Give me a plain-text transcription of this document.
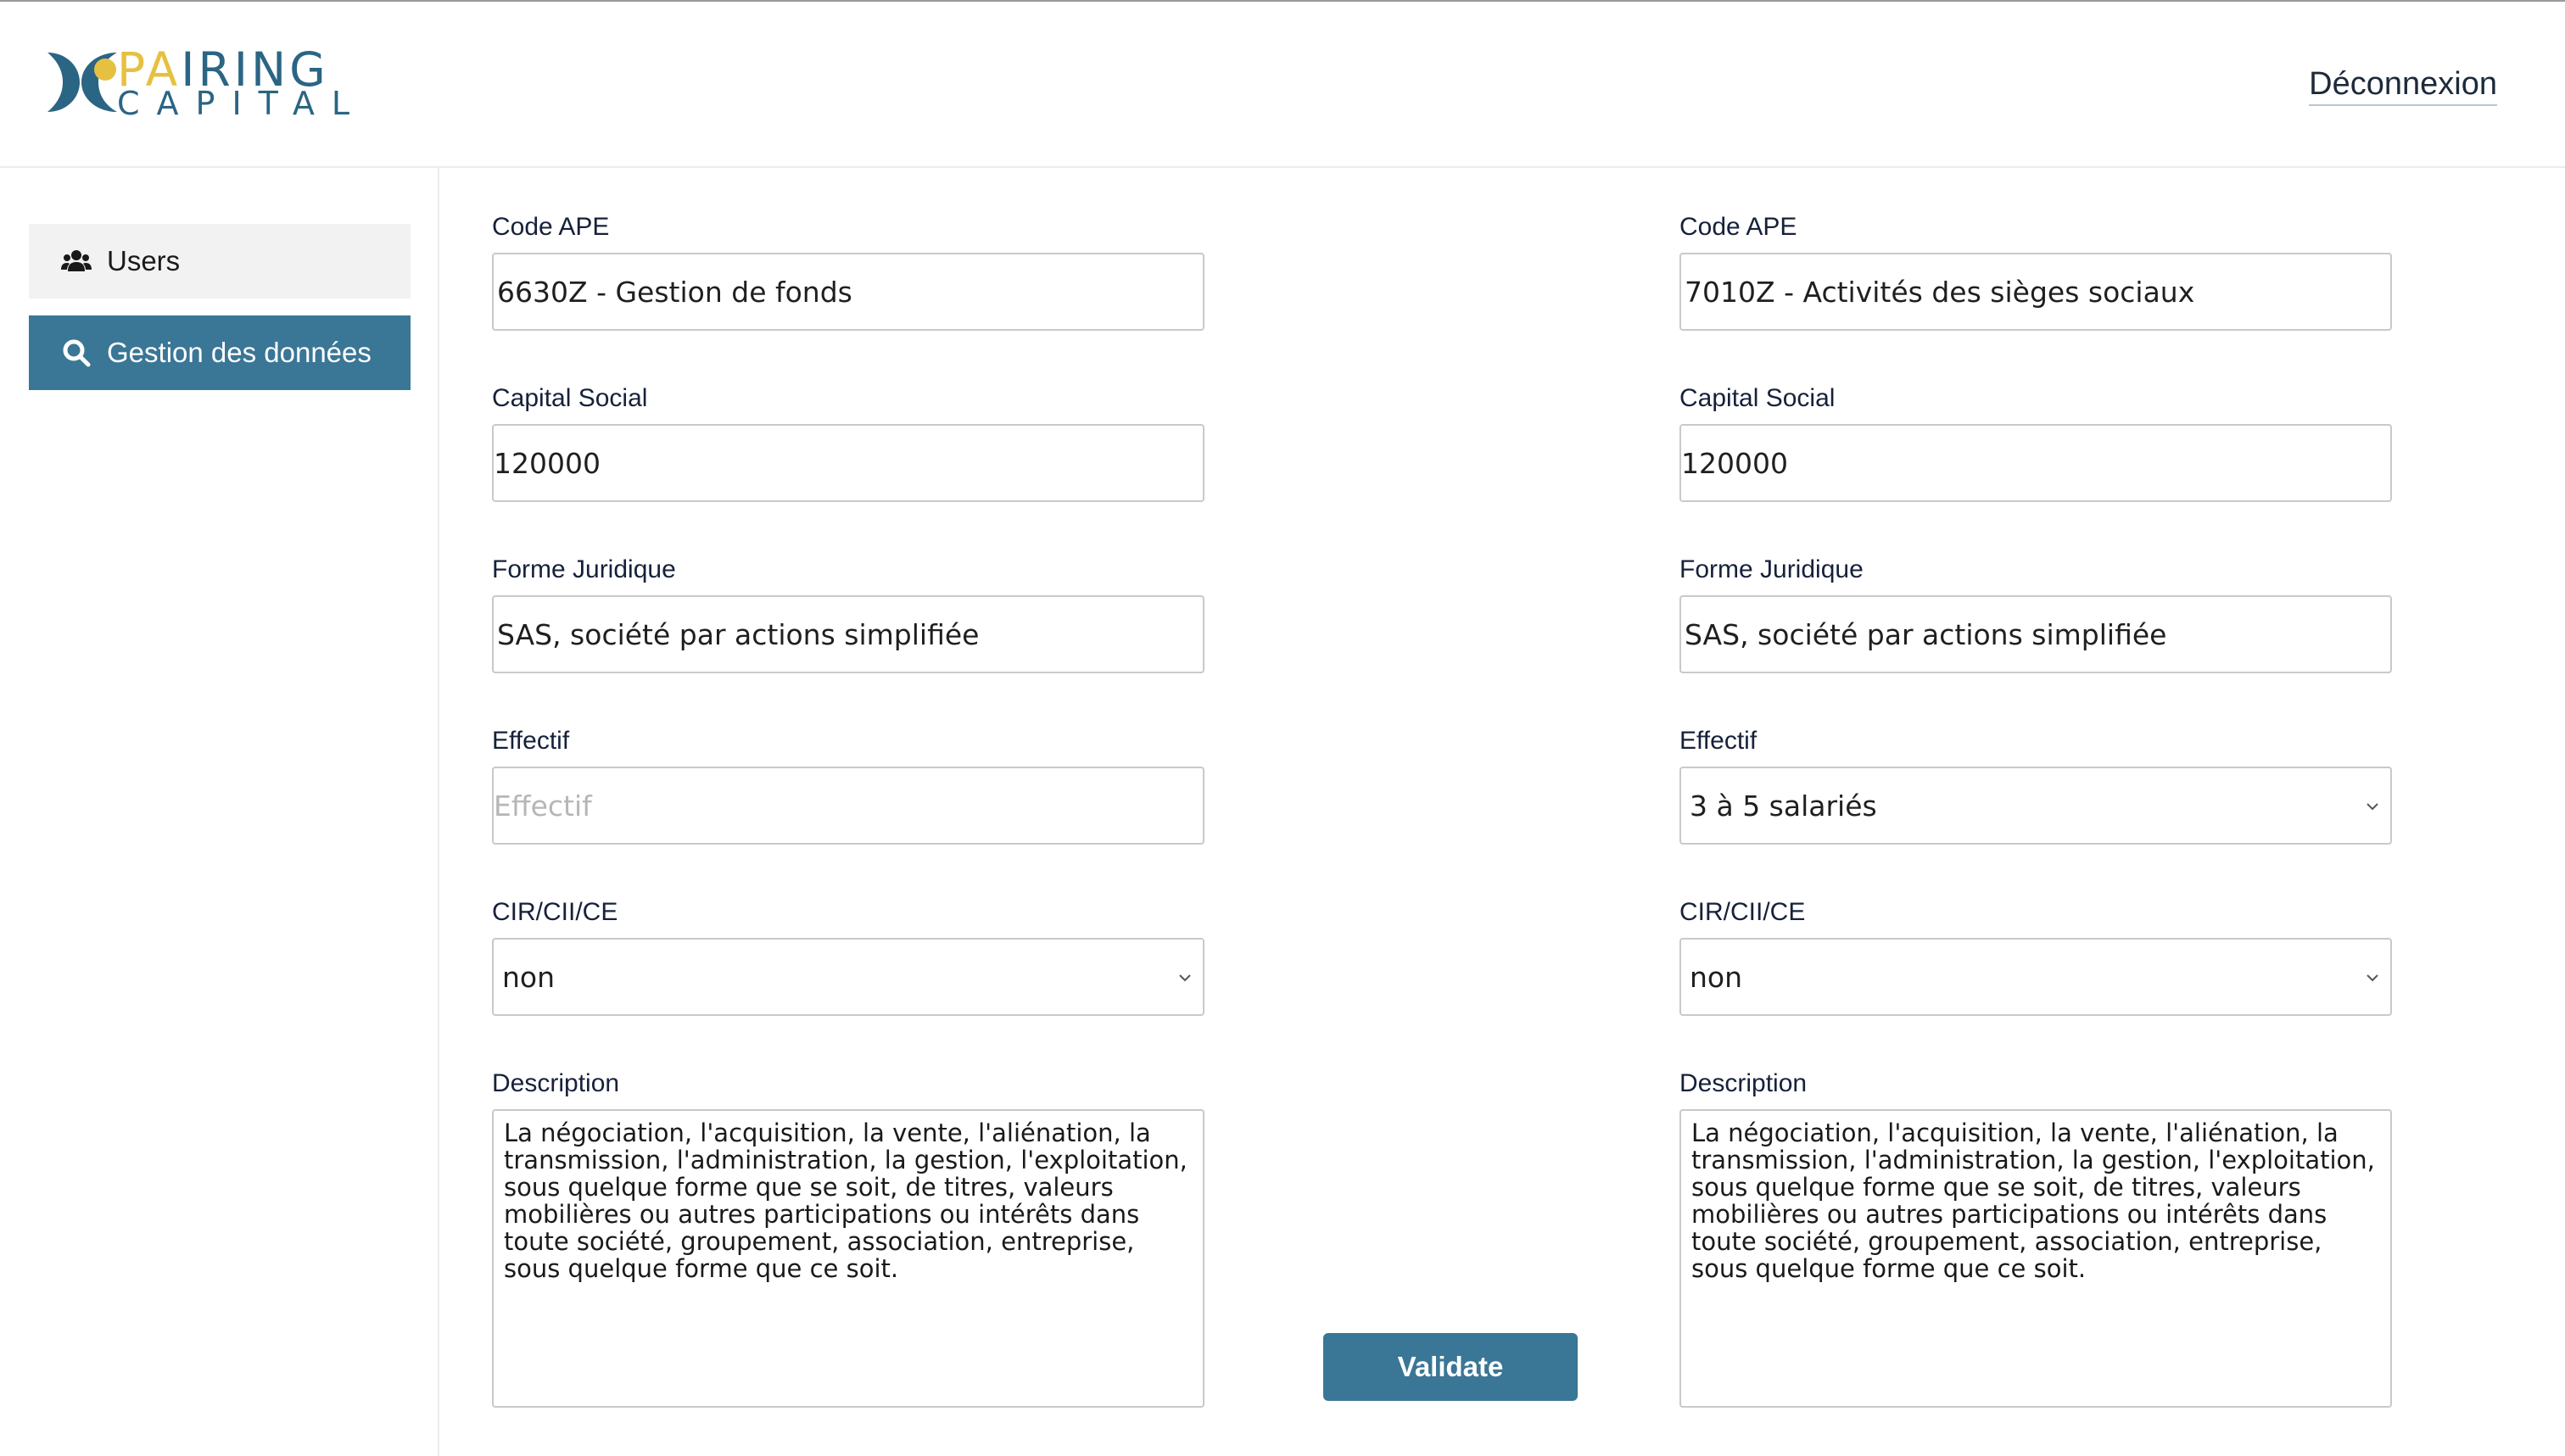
PAIRING
CAPITAL
Déconnexion
Users
Gestion des données
Code APE
6630Z - Gestion de fonds
Capital Social
120000
Forme Juridique
SAS, société par actions simplifiée
Effectif
Effectif
CIR/CII/CE
non
Description
La négociation, l'acquisition, la vente, l'aliénation, la transmission, l'administration, la gestion, l'exploitation, sous quelque forme que se soit, de titres, valeurs mobilières ou autres participations ou intérêts dans toute société, groupement, association, entreprise, sous quelque forme que ce soit.
Validate
Code APE
7010Z - Activités des sièges sociaux
Capital Social
120000
Forme Juridique
SAS, société par actions simplifiée
Effectif
3 à 5 salariés
CIR/CII/CE
non
Description
La négociation, l'acquisition, la vente, l'aliénation, la transmission, l'administration, la gestion, l'exploitation, sous quelque forme que se soit, de titres, valeurs mobilières ou autres participations ou intérêts dans toute société, groupement, association, entreprise, sous quelque forme que ce soit.
